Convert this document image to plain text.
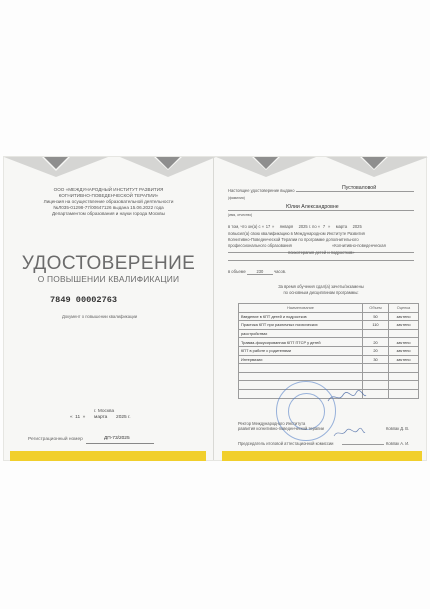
ООО «МЕЖДУНАРОДНЫЙ ИНСТИТУТ РАЗВИТИЯ
КОГНИТИВНО-ПОВЕДЕНЧЕСКОЙ ТЕРАПИИ»
Лицензия на осуществление образовательной деятельности
№Л035-01298-77/00647126 выдана 15.06.2022 года
Департаментом образования и науки города Москвы
УДОСТОВЕРЕНИЕ
О ПОВЫШЕНИИ КВАЛИФИКАЦИИ
7849 00002763
Документ о повышении квалификации
г. Москва
« 11 » марта 2025 г.
Регистрационный номер	ДП-73/2025
Настоящее удостоверение выдано	Пустоваловой
(фамилия)
Юлии Александровне
(имя, отчество)
в том, что он(а) с « 17 » января 2025 г. по « 7 » марта 2025
повысил(а) свою квалификацию в Международном Институте Развития
Когнитивно-Поведенческой Терапии по программе дополнительного
профессионального образования	«Когнитивно-поведенческая
психотерапия детей и подростков»
в объеме	230	часов.
За время обучения сдал(а) зачеты/экзамены
по основным дисциплинам программы:
Наименование	Объем	Оценка
Введение в КПТ детей и подростков	50	зачтено
Практика КПТ при различных психических	110	зачтено
расстройствах		
Травма-фокусированная КПТ ПТСР у детей	20	зачтено
КПТ в работе с родителями	20	зачтено
Интервизии	30	зачтено

Ректор Международного Института
развития когнитивно-поведенческой терапии	Ковпак Д. В.
Председатель итоговой аттестационной комиссии	Ковпак А. И.
